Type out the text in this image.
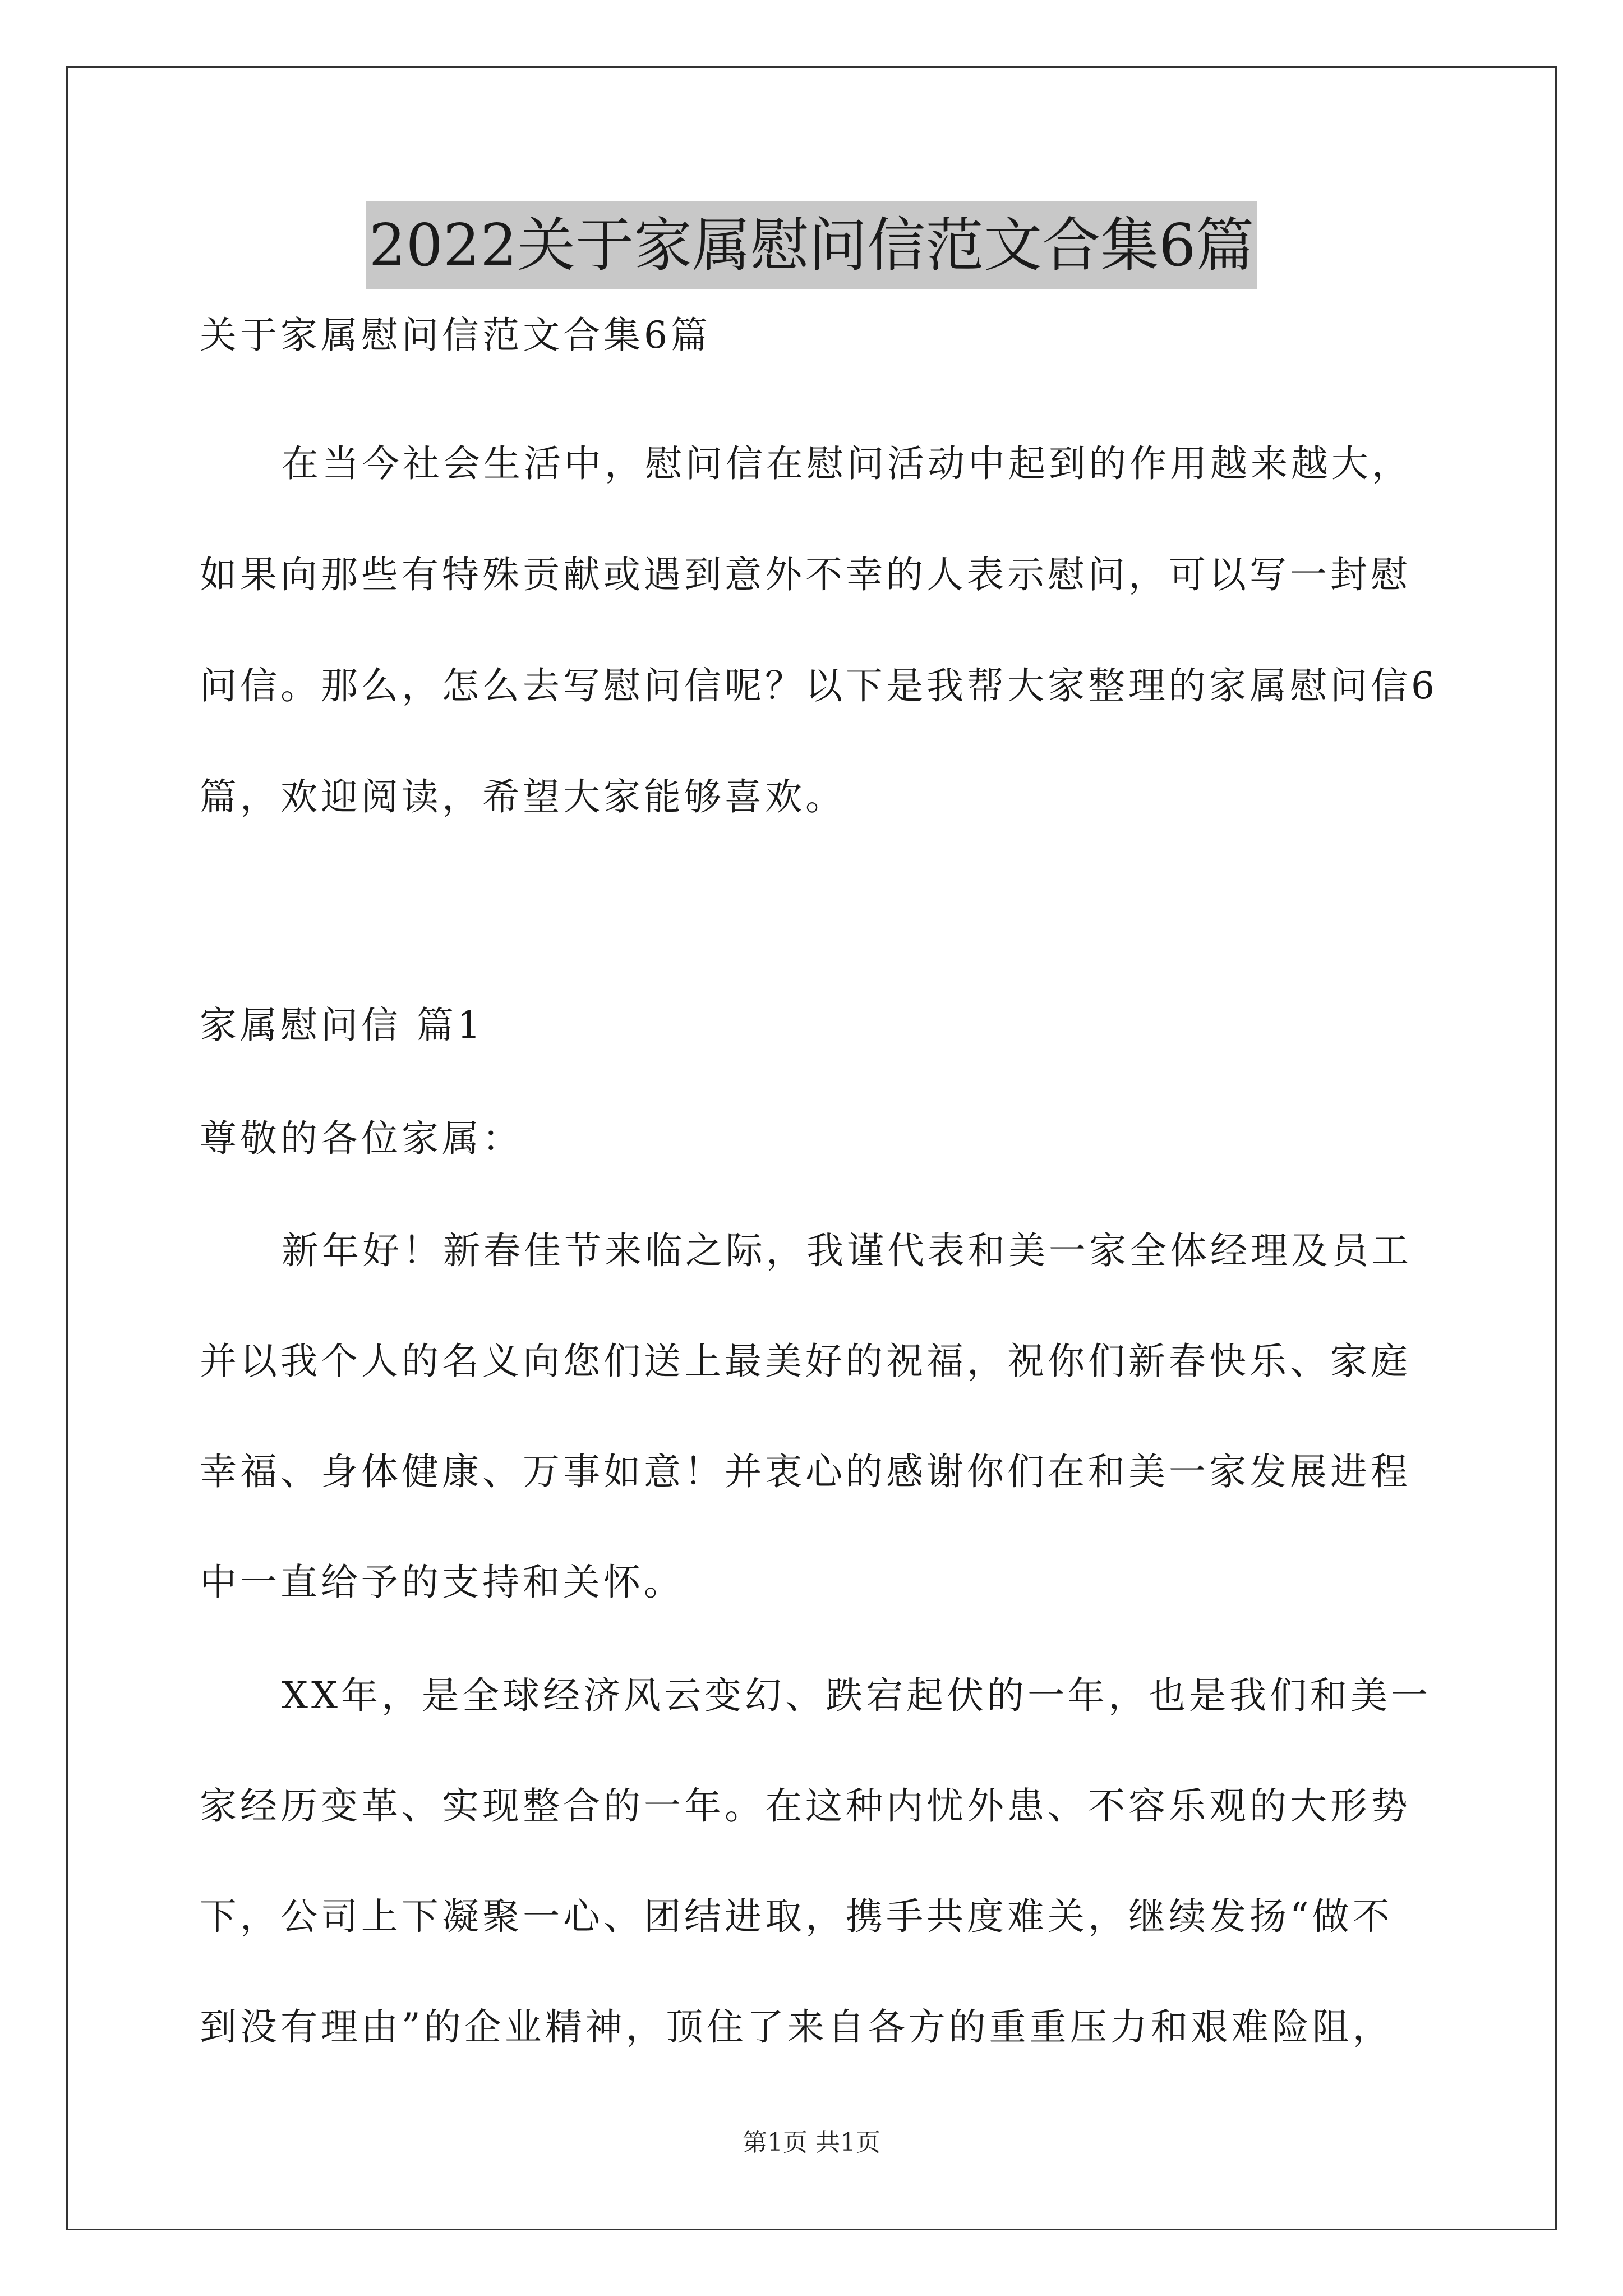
2022关于家属慰问信范文合集6篇
关于家属慰问信范文合集6篇
在当今社会生活中，慰问信在慰问活动中起到的作用越来越大，
如果向那些有特殊贡献或遇到意外不幸的人表示慰问，可以写一封慰
问信。那么，怎么去写慰问信呢？以下是我帮大家整理的家属慰问信6
篇，欢迎阅读，希望大家能够喜欢。
家属慰问信 篇1
尊敬的各位家属：
新年好！新春佳节来临之际，我谨代表和美一家全体经理及员工
并以我个人的名义向您们送上最美好的祝福，祝你们新春快乐、家庭
幸福、身体健康、万事如意！并衷心的感谢你们在和美一家发展进程
中一直给予的支持和关怀。
XX年，是全球经济风云变幻、跌宕起伏的一年，也是我们和美一
家经历变革、实现整合的一年。在这种内忧外患、不容乐观的大形势
下，公司上下凝聚一心、团结进取，携手共度难关，继续发扬“做不
到没有理由”的企业精神，顶住了来自各方的重重压力和艰难险阻，
第1页 共1页
